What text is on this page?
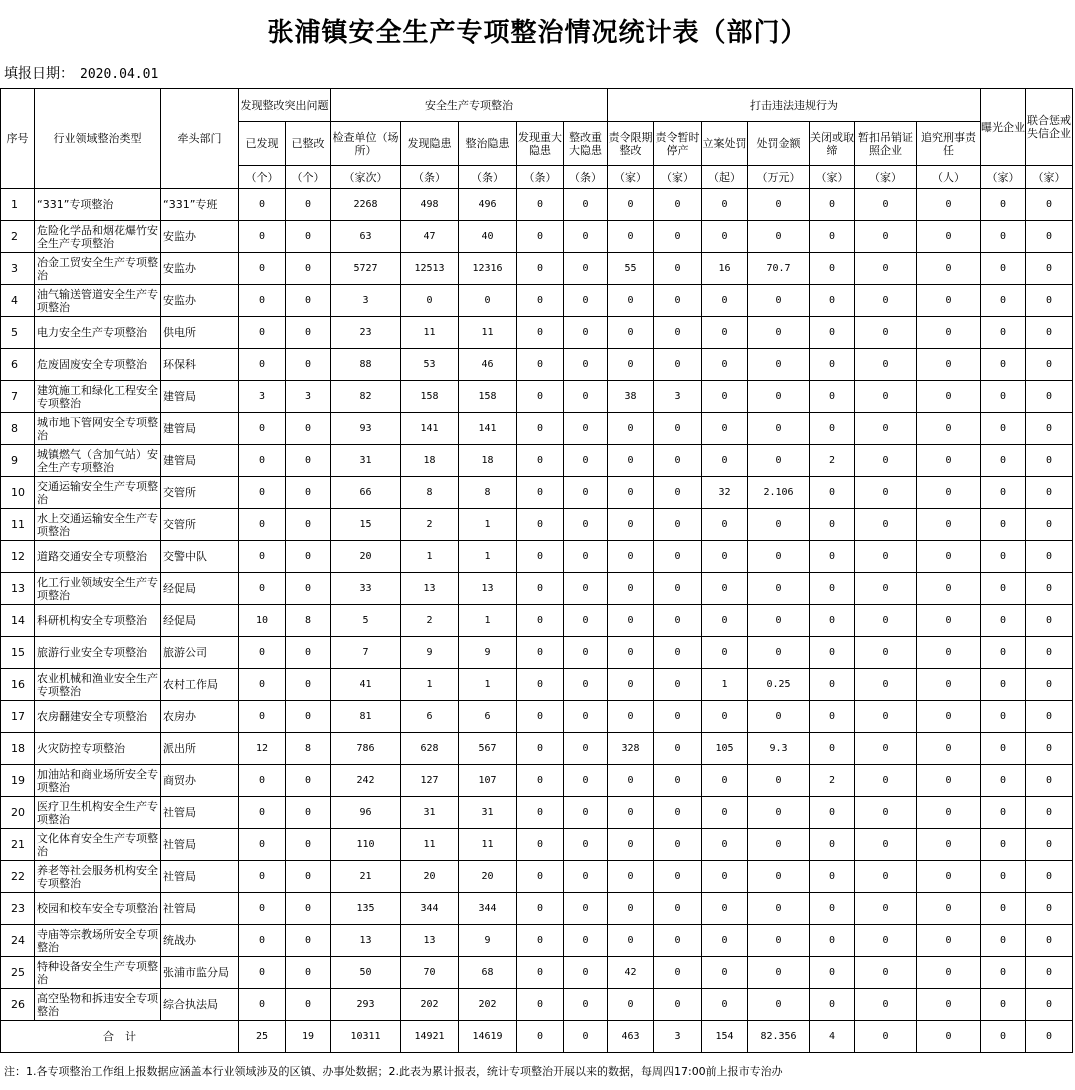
张浦镇安全生产专项整治情况统计表（部门）
填报日期： 2020.04.01
序号	行业领域整治类型	牵头部门	发现整改突出问题		安全生产专项整治					打击违法违规行为							曝光企业	联合惩戒失信企业
			已发现	已整改	检查单位（场所）	发现隐患	整治隐患	发现重大隐患	整改重大隐患	责令限期整改	责令暂时停产	立案处罚	处罚金额	关闭或取缔	暂扣吊销证照企业	追究刑事责任		
			（个）	（个）	（家次）	（条）	（条）	（条）	（条）	（家）	（家）	（起）	（万元）	（家）	（家）	（人）	（家）	（家）
1	“331”专项整治	“331”专班	0	0	2268	498	496	0	0	0	0	0	0	0	0	0	0	0
2	危险化学品和烟花爆竹安全生产专项整治	安监办	0	0	63	47	40	0	0	0	0	0	0	0	0	0	0	0
3	冶金工贸安全生产专项整治	安监办	0	0	5727	12513	12316	0	0	55	0	16	70.7	0	0	0	0	0
4	油气输送管道安全生产专项整治	安监办	0	0	3	0	0	0	0	0	0	0	0	0	0	0	0	0
5	电力安全生产专项整治	供电所	0	0	23	11	11	0	0	0	0	0	0	0	0	0	0	0
6	危废固废安全专项整治	环保科	0	0	88	53	46	0	0	0	0	0	0	0	0	0	0	0
7	建筑施工和绿化工程安全专项整治	建管局	3	3	82	158	158	0	0	38	3	0	0	0	0	0	0	0
8	城市地下管网安全专项整治	建管局	0	0	93	141	141	0	0	0	0	0	0	0	0	0	0	0
9	城镇燃气（含加气站）安全生产专项整治	建管局	0	0	31	18	18	0	0	0	0	0	0	2	0	0	0	0
10	交通运输安全生产专项整治	交管所	0	0	66	8	8	0	0	0	0	32	2.106	0	0	0	0	0
11	水上交通运输安全生产专项整治	交管所	0	0	15	2	1	0	0	0	0	0	0	0	0	0	0	0
12	道路交通安全专项整治	交警中队	0	0	20	1	1	0	0	0	0	0	0	0	0	0	0	0
13	化工行业领域安全生产专项整治	经促局	0	0	33	13	13	0	0	0	0	0	0	0	0	0	0	0
14	科研机构安全专项整治	经促局	10	8	5	2	1	0	0	0	0	0	0	0	0	0	0	0
15	旅游行业安全专项整治	旅游公司	0	0	7	9	9	0	0	0	0	0	0	0	0	0	0	0
16	农业机械和渔业安全生产专项整治	农村工作局	0	0	41	1	1	0	0	0	0	1	0.25	0	0	0	0	0
17	农房翻建安全专项整治	农房办	0	0	81	6	6	0	0	0	0	0	0	0	0	0	0	0
18	火灾防控专项整治	派出所	12	8	786	628	567	0	0	328	0	105	9.3	0	0	0	0	0
19	加油站和商业场所安全专项整治	商贸办	0	0	242	127	107	0	0	0	0	0	0	2	0	0	0	0
20	医疗卫生机构安全生产专项整治	社管局	0	0	96	31	31	0	0	0	0	0	0	0	0	0	0	0
21	文化体育安全生产专项整治	社管局	0	0	110	11	11	0	0	0	0	0	0	0	0	0	0	0
22	养老等社会服务机构安全专项整治	社管局	0	0	21	20	20	0	0	0	0	0	0	0	0	0	0	0
23	校园和校车安全专项整治	社管局	0	0	135	344	344	0	0	0	0	0	0	0	0	0	0	0
24	寺庙等宗教场所安全专项整治	统战办	0	0	13	13	9	0	0	0	0	0	0	0	0	0	0	0
25	特种设备安全生产专项整治	张浦市监分局	0	0	50	70	68	0	0	42	0	0	0	0	0	0	0	0
26	高空坠物和拆违安全专项整治	综合执法局	0	0	293	202	202	0	0	0	0	0	0	0	0	0	0	0
合　计			25	19	10311	14921	14619	0	0	463	3	154	82.356	4	0	0	0	0
注：1.各专项整治工作组上报数据应涵盖本行业领域涉及的区镇、办事处数据；2.此表为累计报表，统计专项整治开展以来的数据，每周四17:00前上报市专治办
